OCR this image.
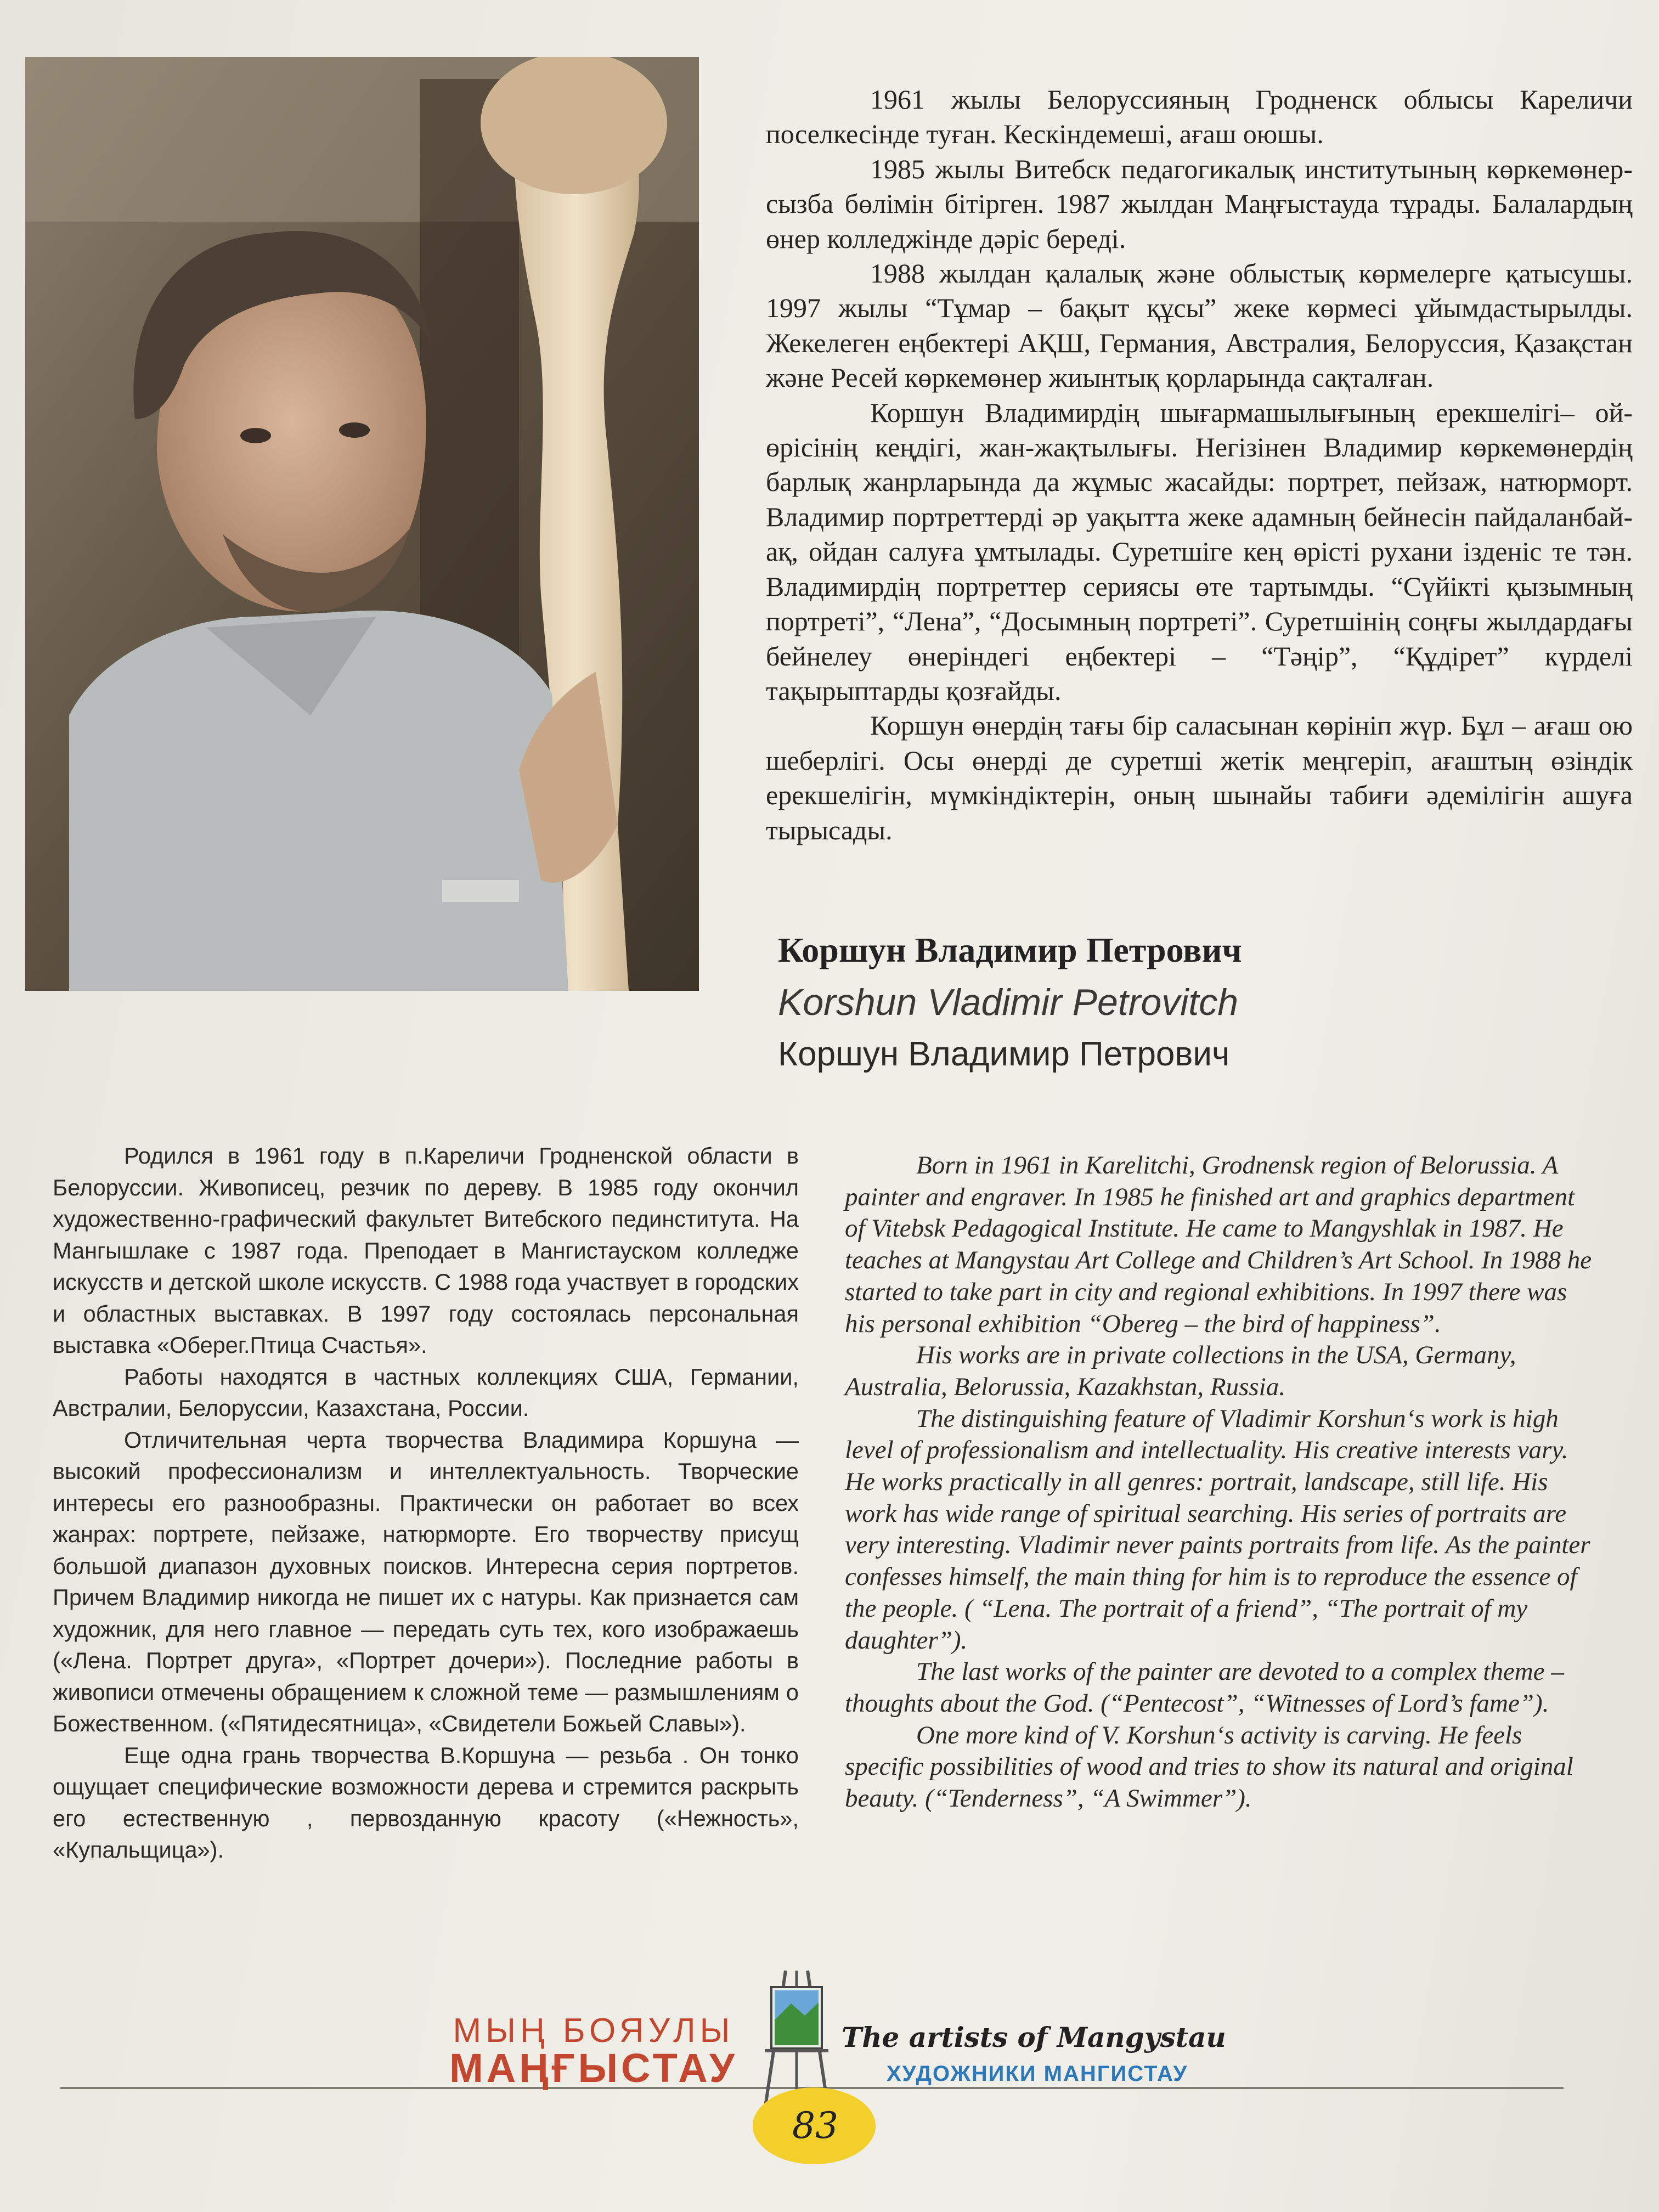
1961 жылы Белоруссияның Гродненск облысы Кареличи поселкесінде туған. Кескіндемеші, ағаш оюшы.

1985 жылы Витебск педагогикалық институтының көркемөнер-сызба бөлімін бітірген. 1987 жылдан Маңғыстауда тұрады. Балалардың өнер колледжінде дәріс береді.

1988 жылдан қалалық және облыстық көрмелерге қатысушы. 1997 жылы “Тұмар – бақыт құсы” жеке көрмесі ұйымдастырылды. Жекелеген еңбектері АҚШ, Германия, Австралия, Белоруссия, Қазақстан және Ресей көркемөнер жиынтық қорларында сақталған.

Коршун Владимирдің шығармашылығының ерекшелігі– ой-өрісінің кеңдігі, жан-жақтылығы. Негізінен Владимир көркемөнердің барлық жанрларында да жұмыс жасайды: портрет, пейзаж, натюрморт. Владимир портреттерді әр уақытта жеке адамның бейнесін пайдаланбай-ақ, ойдан салуға ұмтылады. Суретшіге кең өрісті рухани ізденіс те тән. Владимирдің портреттер сериясы өте тартымды. “Сүйікті қызымның портреті”, “Лена”, “Досымның портреті”. Суретшінің соңғы жылдардағы бейнелеу өнеріндегі еңбектері – “Тәңір”, “Құдірет” күрделі тақырыптарды қозғайды.

Коршун өнердің тағы бір саласынан көрініп жүр. Бұл – ағаш ою шеберлігі. Осы өнерді де суретші жетік меңгеріп, ағаштың өзіндік ерекшелігін, мүмкіндіктерін, оның шынайы табиғи әдемілігін ашуға тырысады.

Коршун Владимир Петрович
Korshun Vladimir Petrovitch
Коршун Владимир Петрович

Родился в 1961 году в п.Кареличи Гродненской области в Белоруссии. Живописец, резчик по дереву. В 1985 году окончил художественно-графический факультет Витебского пединститута. На Мангышлаке с 1987 года. Преподает в Мангистауском колледже искусств и детской школе искусств. С 1988 года участвует в городских и областных выставках. В 1997 году состоялась персональная выставка «Оберег.Птица Счастья».

Работы находятся в частных коллекциях США, Германии, Австралии, Белоруссии, Казахстана, России.

Отличительная черта творчества Владимира Коршуна — высокий профессионализм и интеллектуальность. Творческие интересы его разнообразны. Практически он работает во всех жанрах: портрете, пейзаже, натюрморте. Его творчеству присущ большой диапазон духовных поисков. Интересна серия портретов. Причем Владимир никогда не пишет их с натуры. Как признается сам художник, для него главное — передать суть тех, кого изображаешь («Лена. Портрет друга», «Портрет дочери»). Последние работы в живописи отмечены обращением к сложной теме — размышлениям о Божественном. («Пятидесятница», «Свидетели Божьей Славы»).

Еще одна грань творчества В.Коршуна — резьба . Он тонко ощущает специфические возможности дерева и стремится раскрыть его естественную , первозданную красоту («Нежность», «Купальщица»).

Born in 1961 in Karelitchi, Grodnensk region of Belorussia. A painter and engraver. In 1985 he finished art and graphics department of Vitebsk Pedagogical Institute. He came to Mangyshlak in 1987. He teaches at Mangystau Art College and Children’s Art School. In 1988 he started to take part in city and regional exhibitions. In 1997 there was his personal exhibition “Obereg – the bird of happiness”.

His works are in private collections in the USA, Germany, Australia, Belorussia, Kazakhstan, Russia.

The distinguishing feature of Vladimir Korshun‘s work is high level of professionalism and intellectuality. His creative interests vary. He works practically in all genres: portrait, landscape, still life. His work has wide range of spiritual searching. His series of portraits are very interesting. Vladimir never paints portraits from life. As the painter confesses himself, the main thing for him is to reproduce the essence of the people. ( “Lena. The portrait of a friend”, “The portrait of my daughter”).

The last works of the painter are devoted to a complex theme – thoughts about the God. (“Pentecost”, “Witnesses of Lord’s fame”).

One more kind of V. Korshun‘s activity is carving. He feels specific possibilities of wood and tries to show its natural and original beauty. (“Tenderness”, “A Swimmer”).

МЫҢ БОЯУЛЫ
МАҢҒЫСТАУ
The artists of Mangystau
ХУДОЖНИКИ МАНГИСТАУ
83
